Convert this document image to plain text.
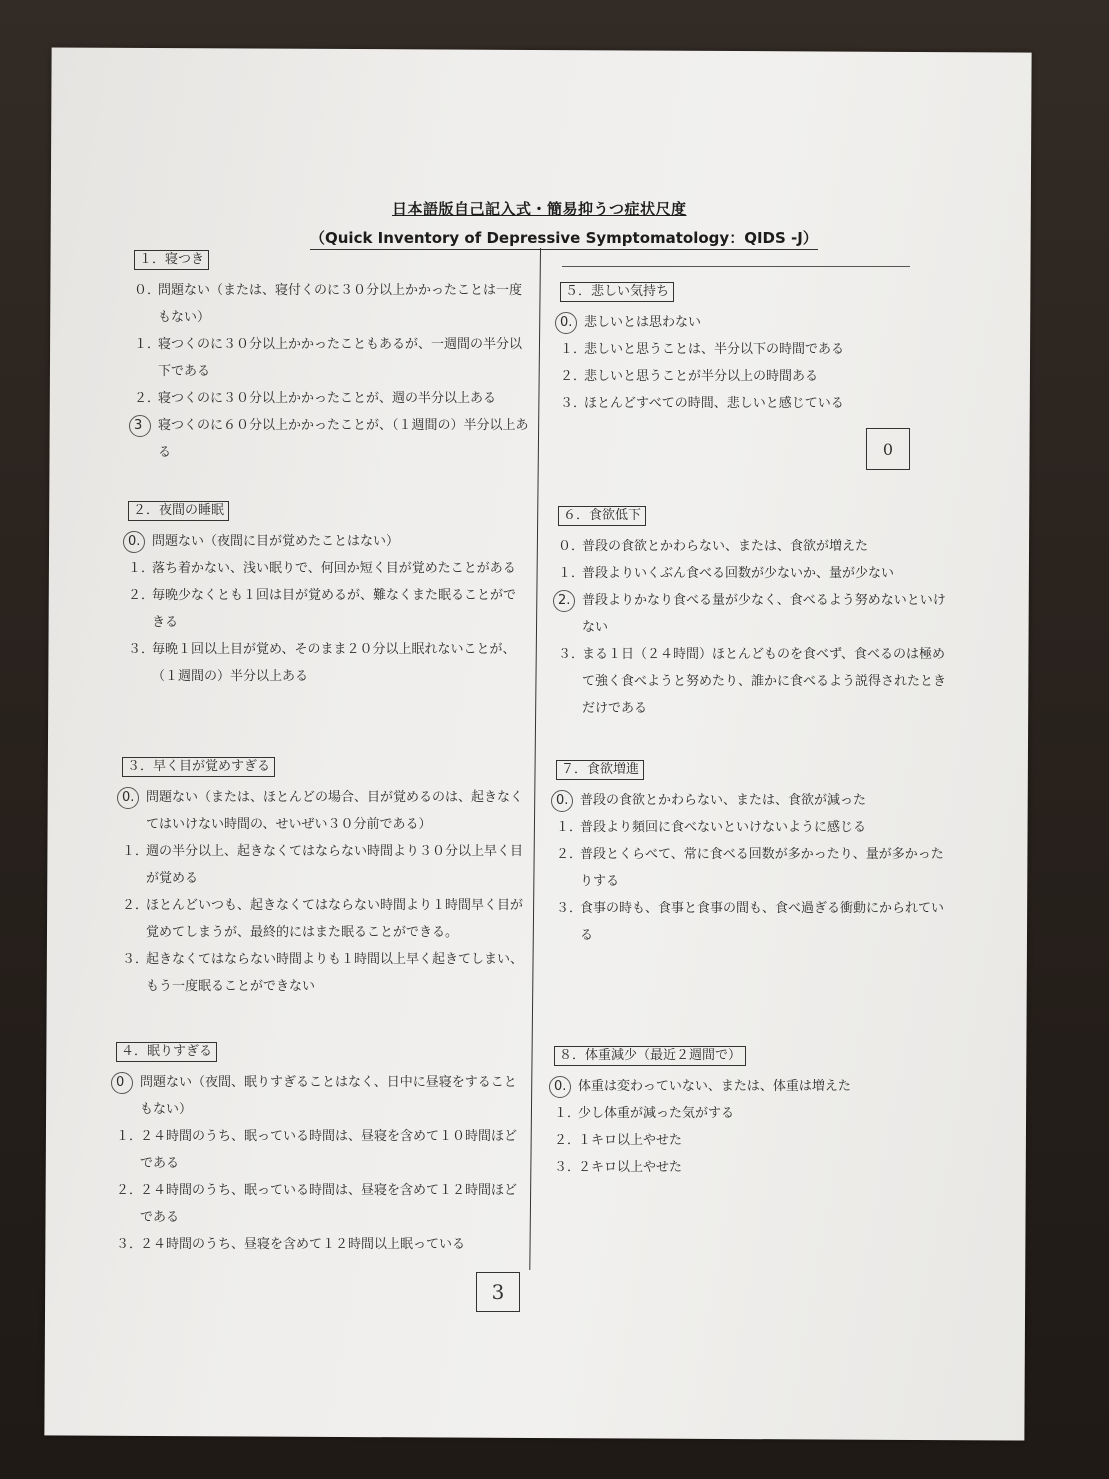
日本語版自己記入式・簡易抑うつ症状尺度
（Quick Inventory of Depressive Symptomatology：QIDS -J）
１．寝つき
０．
問題ない（または、寝付くのに３０分以上かかったことは一度もない）
１．
寝つくのに３０分以上かかったこともあるが、一週間の半分以下である
２．
寝つくのに３０分以上かかったことが、週の半分以上ある
3	寝つくのに６０分以上かかったことが、（１週間の）半分以上ある
２．夜間の睡眠
0. 問題ない（夜間に目が覚めたことはない）
１．
落ち着かない、浅い眠りで、何回か短く目が覚めたことがある
２．
毎晩少なくとも１回は目が覚めるが、難なくまた眠ることができる
３．
毎晩１回以上目が覚め、そのまま２０分以上眠れないことが、（１週間の）半分以上ある
３．早く目が覚めすぎる
0. 問題ない（または、ほとんどの場合、目が覚めるのは、起きなくてはいけない時間の、せいぜい３０分前である）
１．
週の半分以上、起きなくてはならない時間より３０分以上早く目が覚める
２．
ほとんどいつも、起きなくてはならない時間より１時間早く目が覚めてしまうが、最終的にはまた眠ることができる。
３．
起きなくてはならない時間よりも１時間以上早く起きてしまい、もう一度眠ることができない
４．眠りすぎる
0	問題ない（夜間、眠りすぎることはなく、日中に昼寝をすることもない）
１．
２４時間のうち、眠っている時間は、昼寝を含めて１０時間ほどである
２．
２４時間のうち、眠っている時間は、昼寝を含めて１２時間ほどである
３．
２４時間のうち、昼寝を含めて１２時間以上眠っている
５．悲しい気持ち
0. 悲しいとは思わない
１．
悲しいと思うことは、半分以下の時間である
２．
悲しいと思うことが半分以上の時間ある
３．
ほとんどすべての時間、悲しいと感じている
0
６．食欲低下
０．
普段の食欲とかわらない、または、食欲が増えた
１．
普段よりいくぶん食べる回数が少ないか、量が少ない
2. 普段よりかなり食べる量が少なく、食べるよう努めないといけない
３．
まる１日（２４時間）ほとんどものを食べず、食べるのは極めて強く食べようと努めたり、誰かに食べるよう説得されたときだけである
７．食欲増進
0. 普段の食欲とかわらない、または、食欲が減った
１．
普段より頻回に食べないといけないように感じる
２．
普段とくらべて、常に食べる回数が多かったり、量が多かったりする
３．
食事の時も、食事と食事の間も、食べ過ぎる衝動にかられている
８．体重減少（最近２週間で）
0. 体重は変わっていない、または、体重は増えた
１．
少し体重が減った気がする
２．
１キロ以上やせた
３．
２キロ以上やせた
3
